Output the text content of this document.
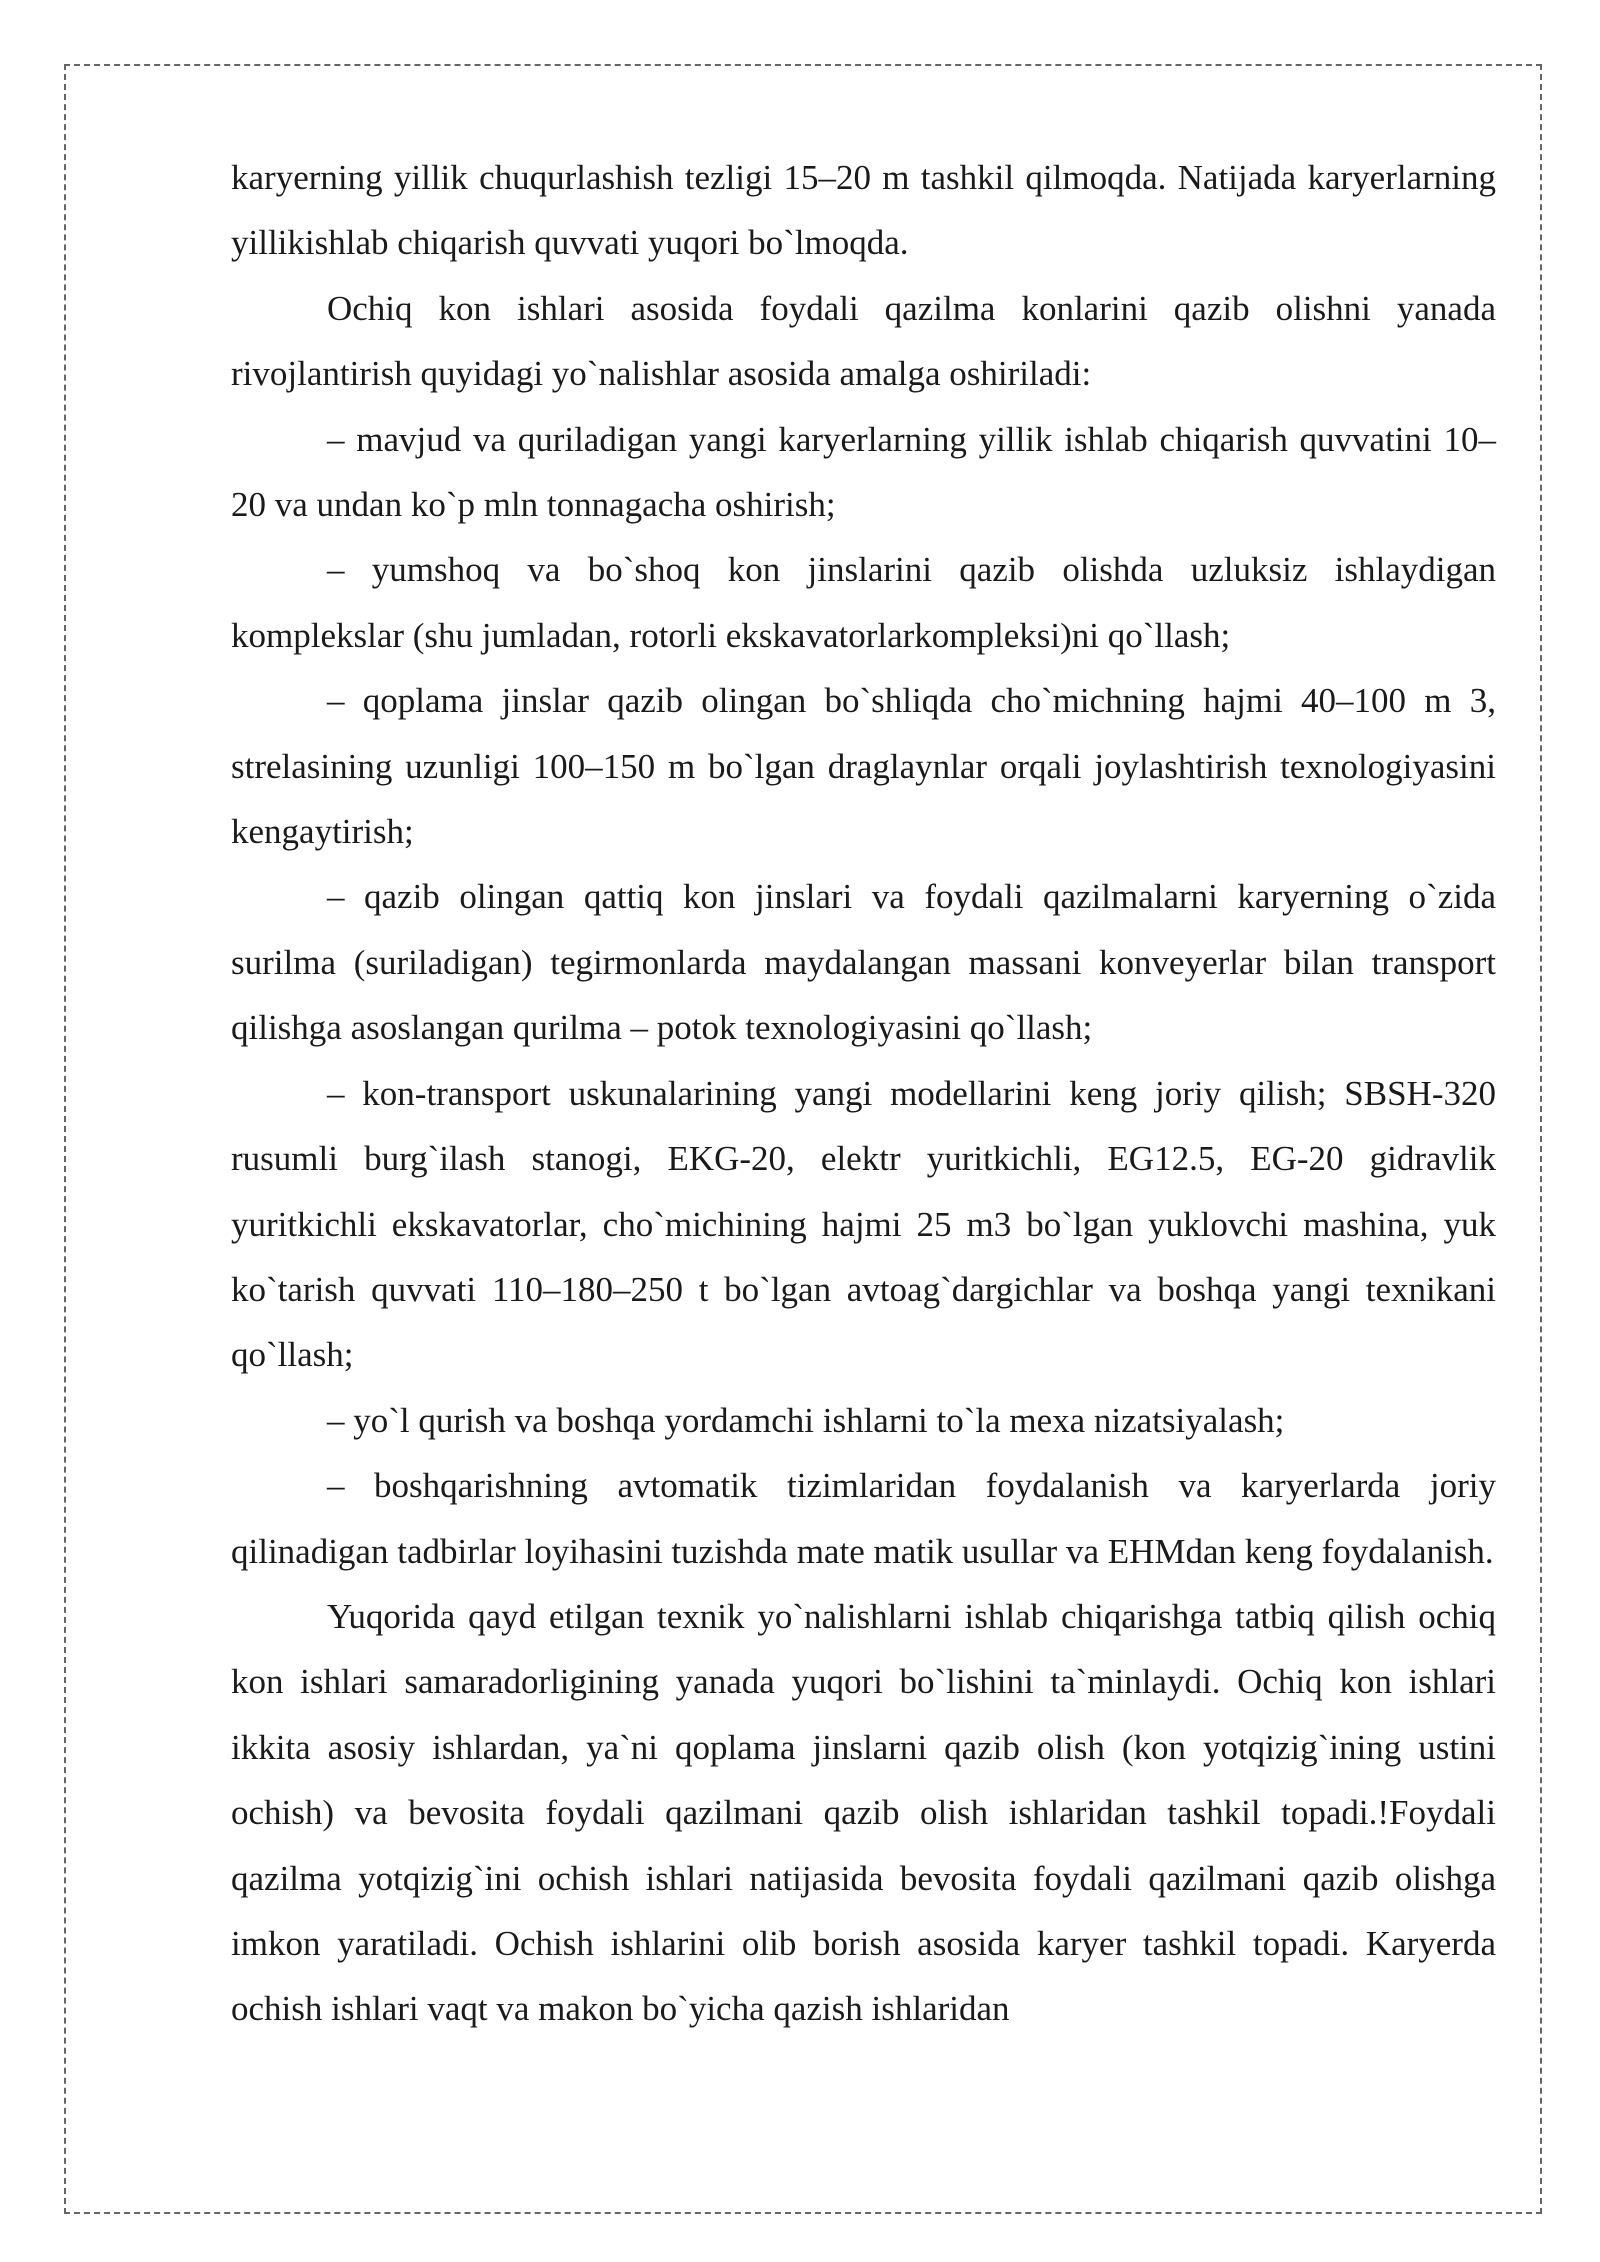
karyerning yillik chuqurlashish tezligi 15–20 m tashkil qilmoqda. Natijada karyerlarning yillikishlab chiqarish quvvati yuqori bo`lmoqda.

Ochiq kon ishlari asosida foydali qazilma konlarini qazib olishni yanada rivojlantirish quyidagi yo`nalishlar asosida amalga oshiriladi:

– mavjud va quriladigan yangi karyerlarning yillik ishlab chiqarish quvvatini 10–20 va undan ko`p mln tonnagacha oshirish;

– yumshoq va bo`shoq kon jinslarini qazib olishda uzluksiz ishlaydigan komplekslar (shu jumladan, rotorli ekskavatorlarkompleksi)ni qo`llash;

– qoplama jinslar qazib olingan bo`shliqda cho`michning hajmi 40–100 m 3, strelasining uzunligi 100–150 m bo`lgan draglaynlar orqali joylashtirish texnologiyasini kengaytirish;

– qazib olingan qattiq kon jinslari va foydali qazilmalarni karyerning o`zida surilma (suriladigan) tegirmonlarda maydalangan massani konveyerlar bilan transport qilishga asoslangan qurilma – potok texnologiyasini qo`llash;

– kon-transport uskunalarining yangi modellarini keng joriy qilish; SBSH-320 rusumli burg`ilash stanogi, EKG-20, elektr yuritkichli, EG12.5, EG-20 gidravlik yuritkichli ekskavatorlar, cho`michining hajmi 25 m3 bo`lgan yuklovchi mashina, yuk ko`tarish quvvati 110–180–250 t bo`lgan avtoag`dargichlar va boshqa yangi texnikani qo`llash;

– yo`l qurish va boshqa yordamchi ishlarni to`la mexa nizatsiyalash;

– boshqarishning avtomatik tizimlaridan foydalanish va karyerlarda joriy qilinadigan tadbirlar loyihasini tuzishda mate matik usullar va EHMdan keng foydalanish.

Yuqorida qayd etilgan texnik yo`nalishlarni ishlab chiqarishga tatbiq qilish ochiq kon ishlari samaradorligining yanada yuqori bo`lishini ta`minlaydi. Ochiq kon ishlari ikkita asosiy ishlardan, ya`ni qoplama jinslarni qazib olish (kon yotqizig`ining ustini ochish) va bevosita foydali qazilmani qazib olish ishlaridan tashkil topadi.!Foydali qazilma yotqizig`ini ochish ishlari natijasida bevosita foydali qazilmani qazib olishga imkon yaratiladi. Ochish ishlarini olib borish asosida karyer tashkil topadi. Karyerda ochish ishlari vaqt va makon bo`yicha qazish ishlaridan
